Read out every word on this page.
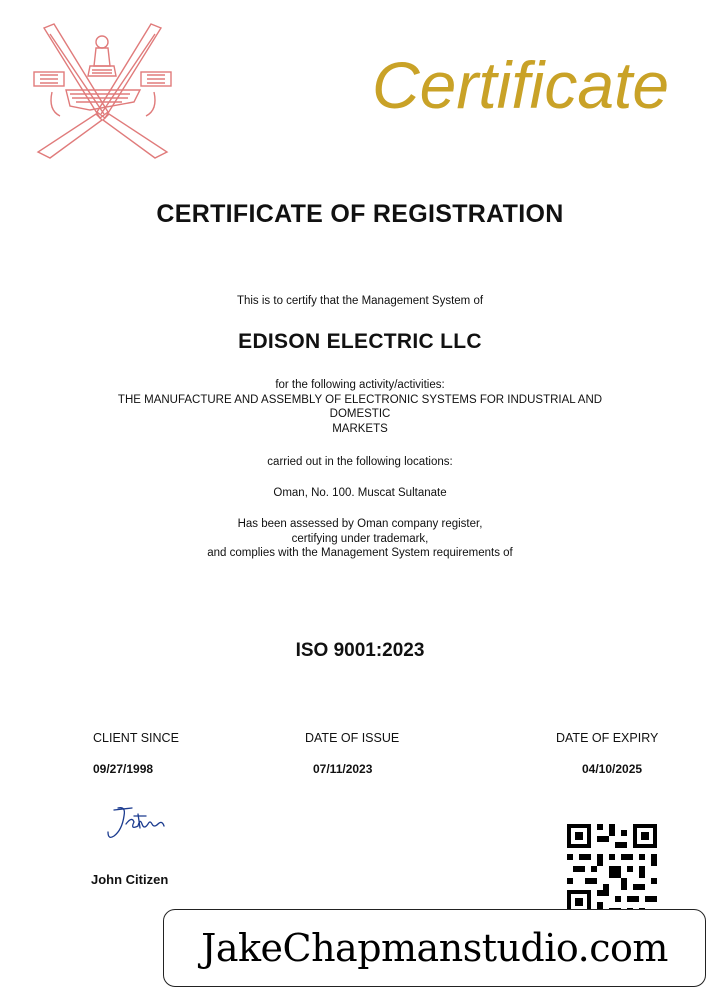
Certificate
CERTIFICATE OF REGISTRATION
This is to certify that the Management System of
EDISON ELECTRIC LLC
for the following activity/activities:
THE MANUFACTURE AND ASSEMBLY OF ELECTRONIC SYSTEMS FOR INDUSTRIAL AND
DOMESTIC
MARKETS
carried out in the following locations:
Oman, No. 100. Muscat Sultanate
Has been assessed by Oman company register,
certifying under trademark,
and complies with the Management System requirements of
ISO 9001:2023
CLIENT SINCE	DATE OF ISSUE	DATE OF EXPIRY
09/27/1998	07/11/2023	04/10/2025
John Citizen
JakeChapmanstudio.com
